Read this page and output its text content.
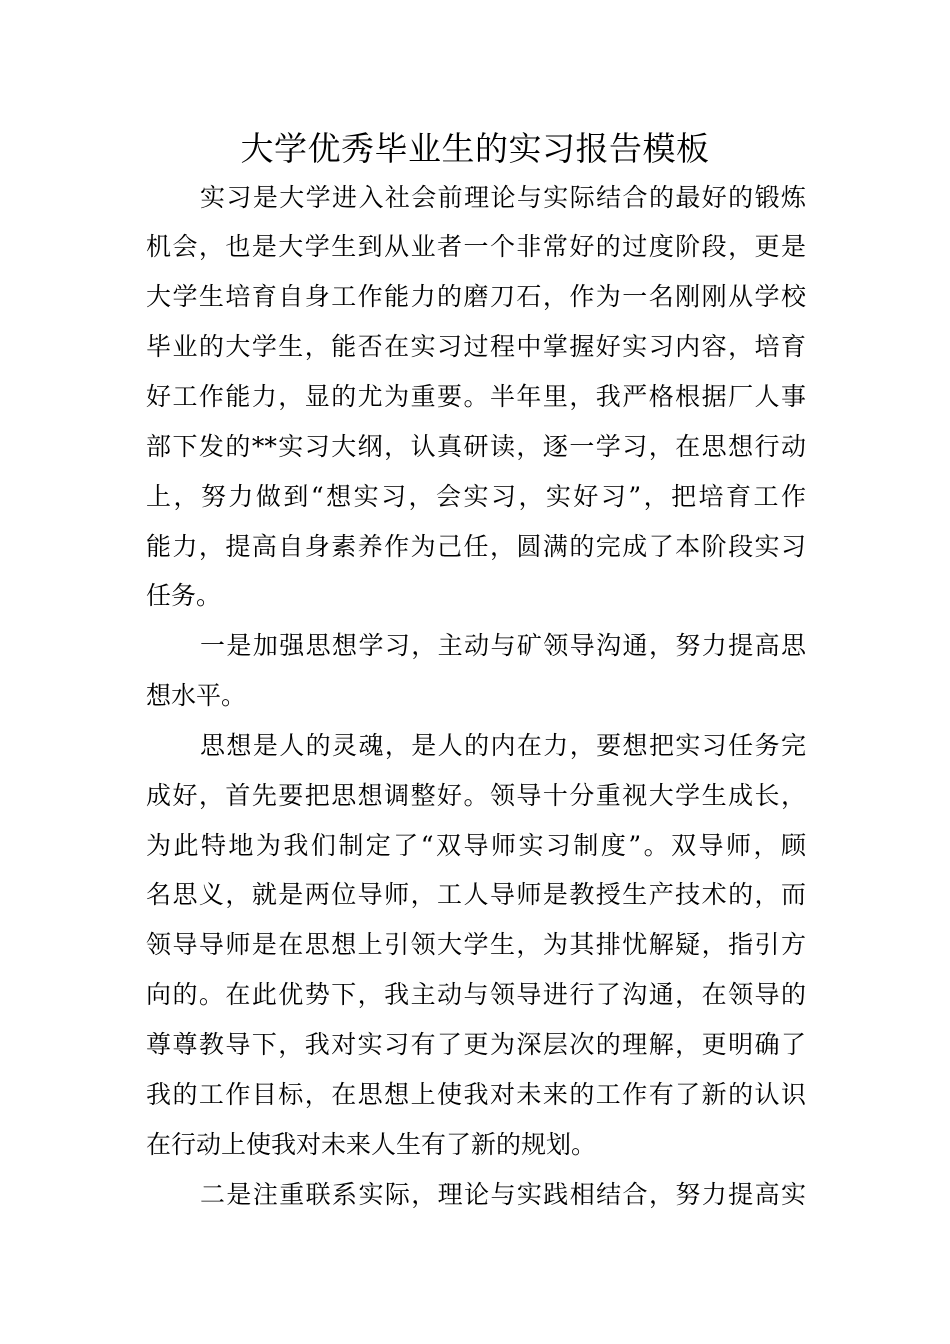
大学优秀毕业生的实习报告模板
实习是大学进入社会前理论与实际结合的最好的锻炼
机会，也是大学生到从业者一个非常好的过度阶段，更是
大学生培育自身工作能力的磨刀石，作为一名刚刚从学校
毕业的大学生，能否在实习过程中掌握好实习内容，培育
好工作能力，显的尤为重要。半年里，我严格根据厂人事
部下发的**实习大纲，认真研读，逐一学习，在思想行动
上，努力做到“想实习，会实习，实好习”，把培育工作
能力，提高自身素养作为己任，圆满的完成了本阶段实习
任务。
一是加强思想学习，主动与矿领导沟通，努力提高思
想水平。
思想是人的灵魂，是人的内在力，要想把实习任务完
成好，首先要把思想调整好。领导十分重视大学生成长，
为此特地为我们制定了“双导师实习制度”。双导师，顾
名思义，就是两位导师，工人导师是教授生产技术的，而
领导导师是在思想上引领大学生，为其排忧解疑，指引方
向的。在此优势下，我主动与领导进行了沟通，在领导的
尊尊教导下，我对实习有了更为深层次的理解，更明确了
我的工作目标，在思想上使我对未来的工作有了新的认识
在行动上使我对未来人生有了新的规划。
二是注重联系实际，理论与实践相结合，努力提高实
